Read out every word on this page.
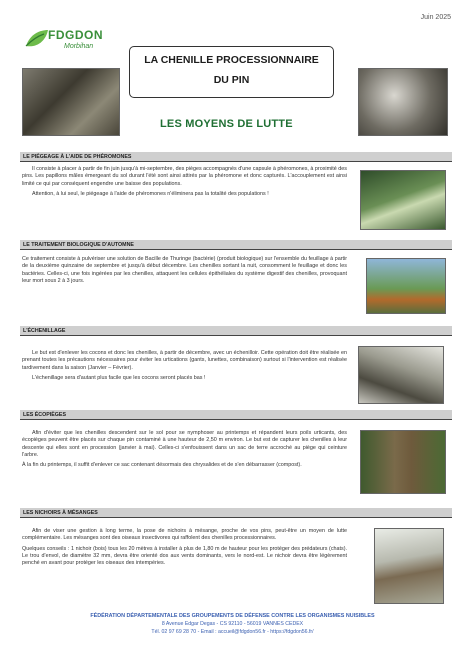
Juin 2025
FDGDON
Morbihan
LA CHENILLE PROCESSIONNAIRE
DU PIN
LES MOYENS DE LUTTE
LE PIÉGEAGE À L'AIDE DE PHÉROMONES

Il consiste à placer à partir de fin juin jusqu'à mi-septembre, des pièges accompagnés d'une capsule à phéromones, à proximité des pins. Les papillons mâles émergeant du sol durant l'été sont ainsi attirés par la phéromone et donc capturés. L'accouplement est ainsi limité ce qui par conséquent engendre une baisse des populations.

Attention, à lui seul, le piégeage à l'aide de phéromones n'éliminera pas la totalité des populations !

LE TRAITEMENT BIOLOGIQUE D'AUTOMNE

Ce traitement consiste à pulvériser une solution de Bacille de Thuringe (bactérie) (produit biologique) sur l'ensemble du feuillage à partir de la deuxième quinzaine de septembre et jusqu'à début décembre. Les chenilles sortant la nuit, consomment le feuillage et donc les bactéries. Celles-ci, une fois ingérées par les chenilles, attaquent les cellules épithéliales du système digestif des chenilles, provoquant leur mort sous 2 à 3 jours.

L'ÉCHENILLAGE

Le but est d'enlever les cocons et donc les chenilles, à partir de décembre, avec un échenilloir. Cette opération doit être réalisée en prenant toutes les précautions nécessaires pour éviter les urtications (gants, lunettes, combinaison) surtout si l'intervention est réalisée tardivement dans la saison (Janvier – Février).

L'échenillage sera d'autant plus facile que les cocons seront placés bas !

LES ÉCOPIÈGES

Afin d'éviter que les chenilles descendent sur le sol pour se nymphoser au printemps et répandent leurs poils urticants, des écopièges peuvent être placés sur chaque pin contaminé à une hauteur de 2,50 m environ. Le but est de capturer les chenilles à leur descente qui elles sont en procession (janvier à mai). Celles-ci s'enfouissent dans un sac de terre accroché au piège qui ceinture l'arbre.

À la fin du printemps, il suffit d'enlever ce sac contenant désormais des chrysalides et de s'en débarrasser (compost).

LES NICHOIRS À MÉSANGES

Afin de viser une gestion à long terme, la pose de nichoirs à mésange, proche de vos pins, peut-être un moyen de lutte complémentaire. Les mésanges sont des oiseaux insectivores qui raffolent des chenilles processionnaires.

Quelques conseils : 1 nichoir (bois) tous les 20 mètres à installer à plus de 1,80 m de hauteur pour les protéger des prédateurs (chats). Le trou d'envol, de diamètre 32 mm, devra être orienté dos aux vents dominants, vers le nord-est. Le nichoir devra être légèrement penché en avant pour protéger les oiseaux des intempéries.

FÉDÉRATION DÉPARTEMENTALE DES GROUPEMENTS DE DÉFENSE CONTRE LES ORGANISMES NUISIBLES
8 Avenue Edgar Degas - CS 92110 - 56019 VANNES CEDEX
Tél. 02 97 69 28 70 - Email : accueil@fdgdon56.fr - https://fdgdon56.fr/
